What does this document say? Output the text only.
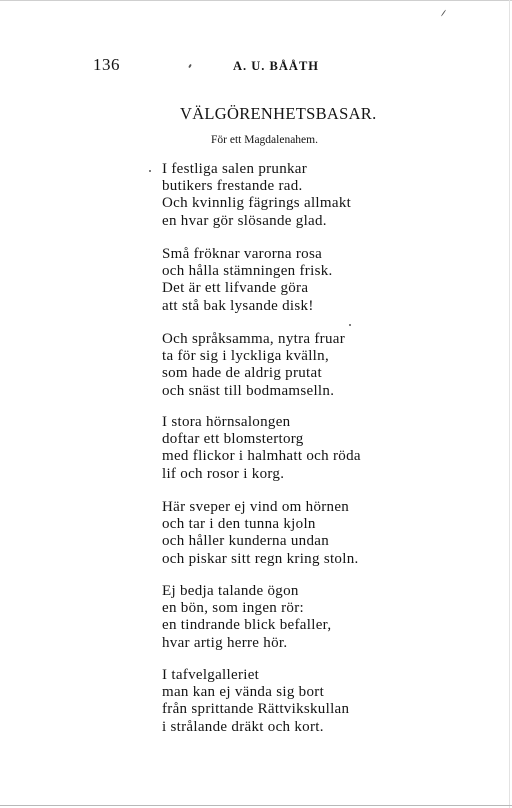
136	A. U. BÅÅTH
VÄLGÖRENHETSBASAR.
För ett Magdalenahem.
I festliga salen prunkar
butikers frestande rad.
Och kvinnlig fägrings allmakt
en hvar gör slösande glad.
Små fröknar varorna rosa
och hålla stämningen frisk.
Det är ett lifvande göra
att stå bak lysande disk!
Och språksamma, nytra fruar
ta för sig i lyckliga kvälln,
som hade de aldrig prutat
och snäst till bodmamselln.
I stora hörnsalongen
doftar ett blomstertorg
med flickor i halmhatt och röda
lif och rosor i korg.
Här sveper ej vind om hörnen
och tar i den tunna kjoln
och håller kunderna undan
och piskar sitt regn kring stoln.
Ej bedja talande ögon
en bön, som ingen rör:
en tindrande blick befaller,
hvar artig herre hör.
I tafvelgalleriet
man kan ej vända sig bort
från sprittande Rättvikskullan
i strålande dräkt och kort.
